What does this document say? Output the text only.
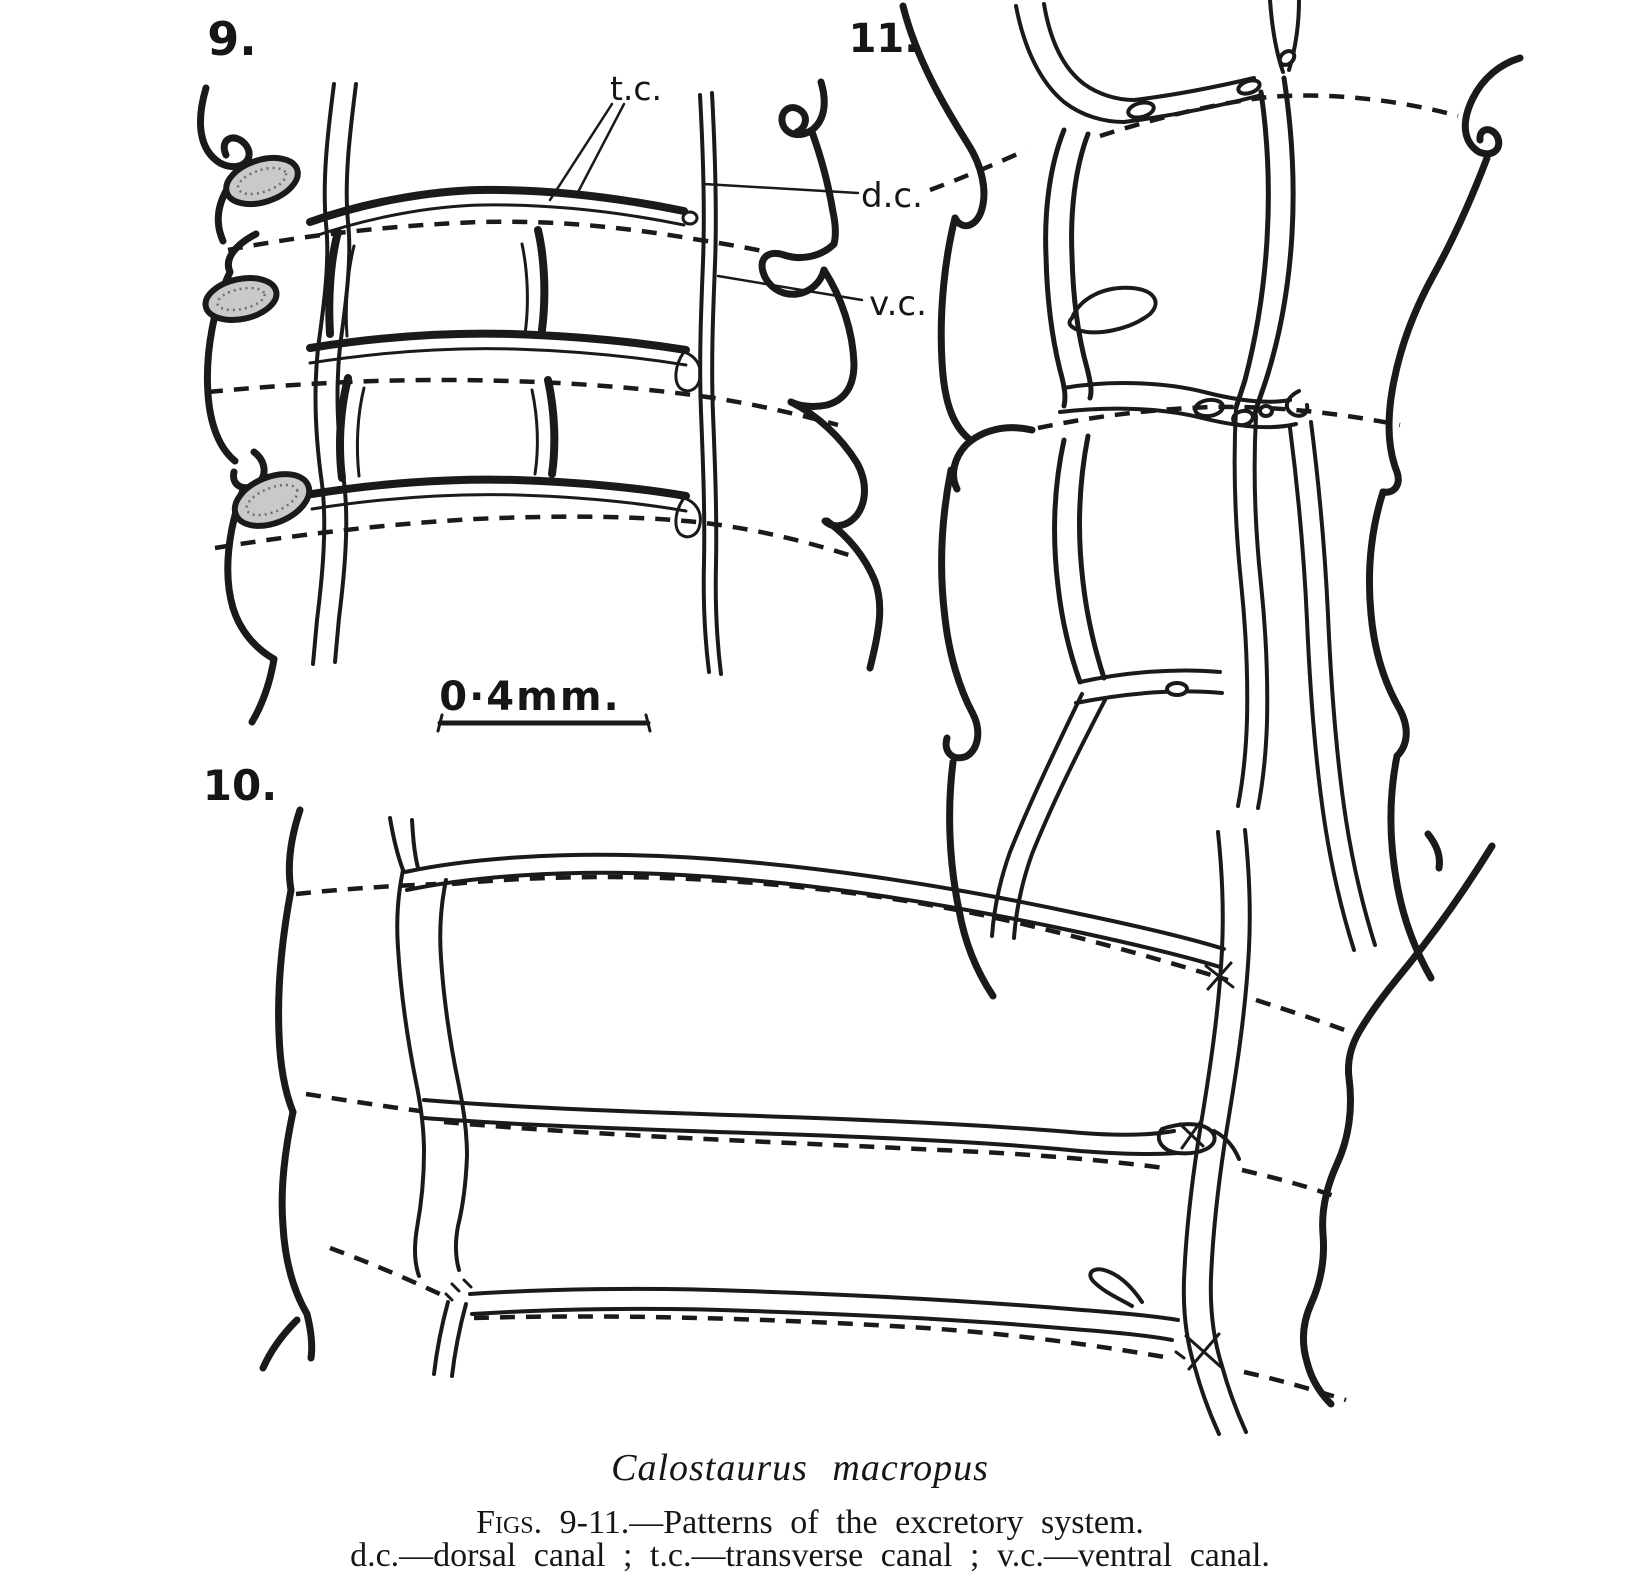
9.
t.c.
d.c.
v.c.
0·4mm.
11.
10.
Calostaurus macropus
Figs. 9-11.—Patterns of the excretory system.
d.c.—dorsal canal ; t.c.—transverse canal ; v.c.—ventral canal.
